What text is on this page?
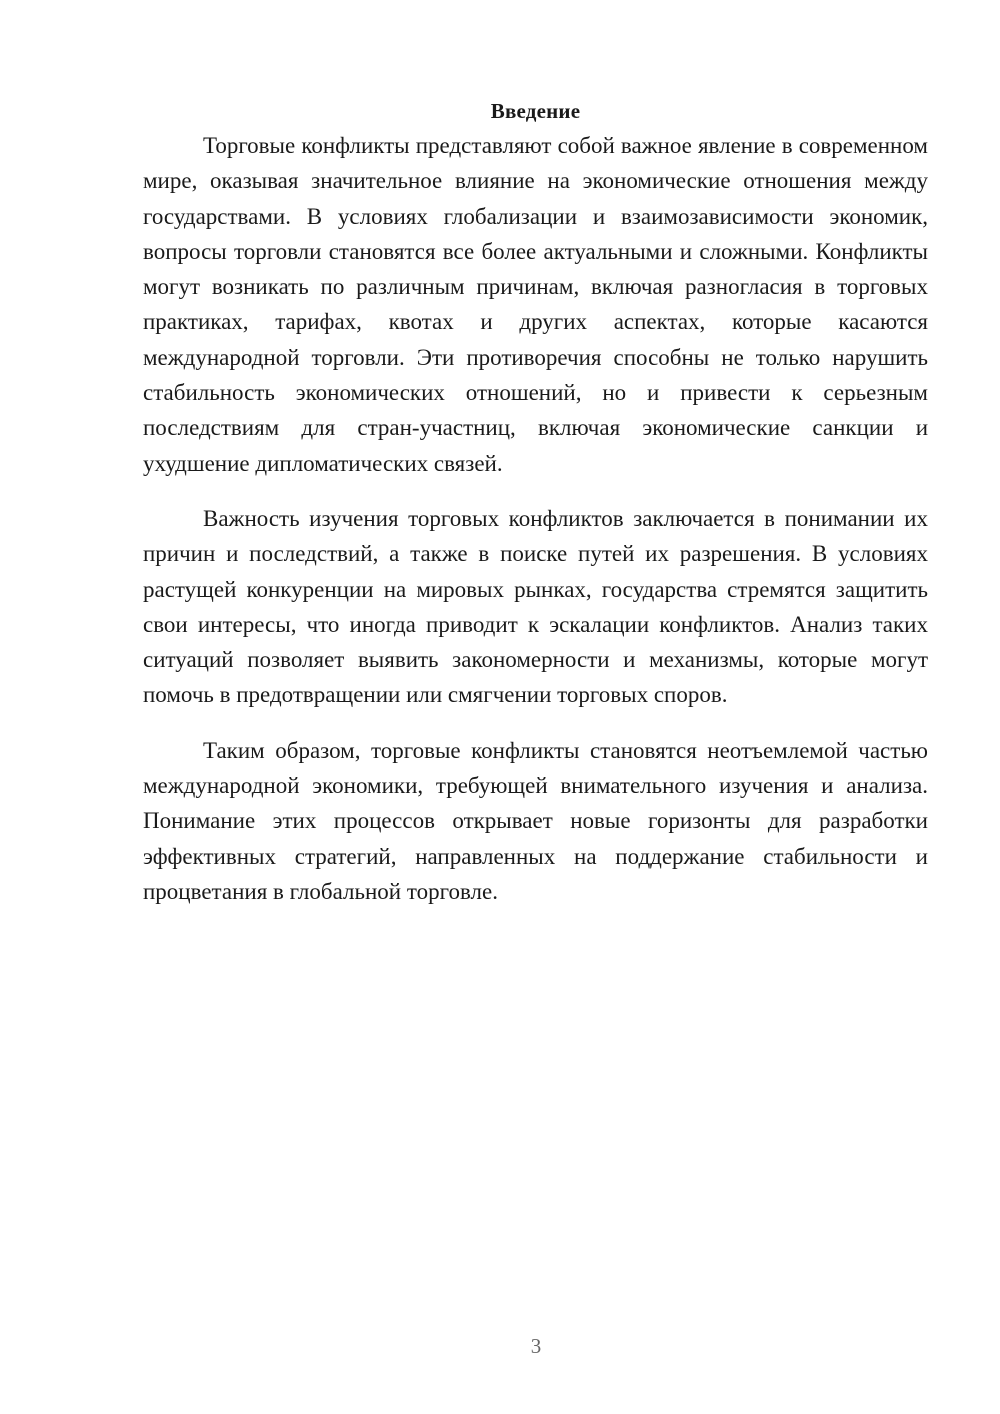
Введение

Торговые конфликты представляют собой важное явление в современном мире, оказывая значительное влияние на экономические отношения между государствами. В условиях глобализации и взаимозависимости экономик, вопросы торговли становятся все более актуальными и сложными. Конфликты могут возникать по различным причинам, включая разногласия в торговых практиках, тарифах, квотах и других аспектах, которые касаются международной торговли. Эти противоречия способны не только нарушить стабильность экономических отношений, но и привести к серьезным последствиям для стран-участниц, включая экономические санкции и ухудшение дипломатических связей.

Важность изучения торговых конфликтов заключается в понимании их причин и последствий, а также в поиске путей их разрешения. В условиях растущей конкуренции на мировых рынках, государства стремятся защитить свои интересы, что иногда приводит к эскалации конфликтов. Анализ таких ситуаций позволяет выявить закономерности и механизмы, которые могут помочь в предотвращении или смягчении торговых споров.

Таким образом, торговые конфликты становятся неотъемлемой частью международной экономики, требующей внимательного изучения и анализа. Понимание этих процессов открывает новые горизонты для разработки эффективных стратегий, направленных на поддержание стабильности и процветания в глобальной торговле.

3
